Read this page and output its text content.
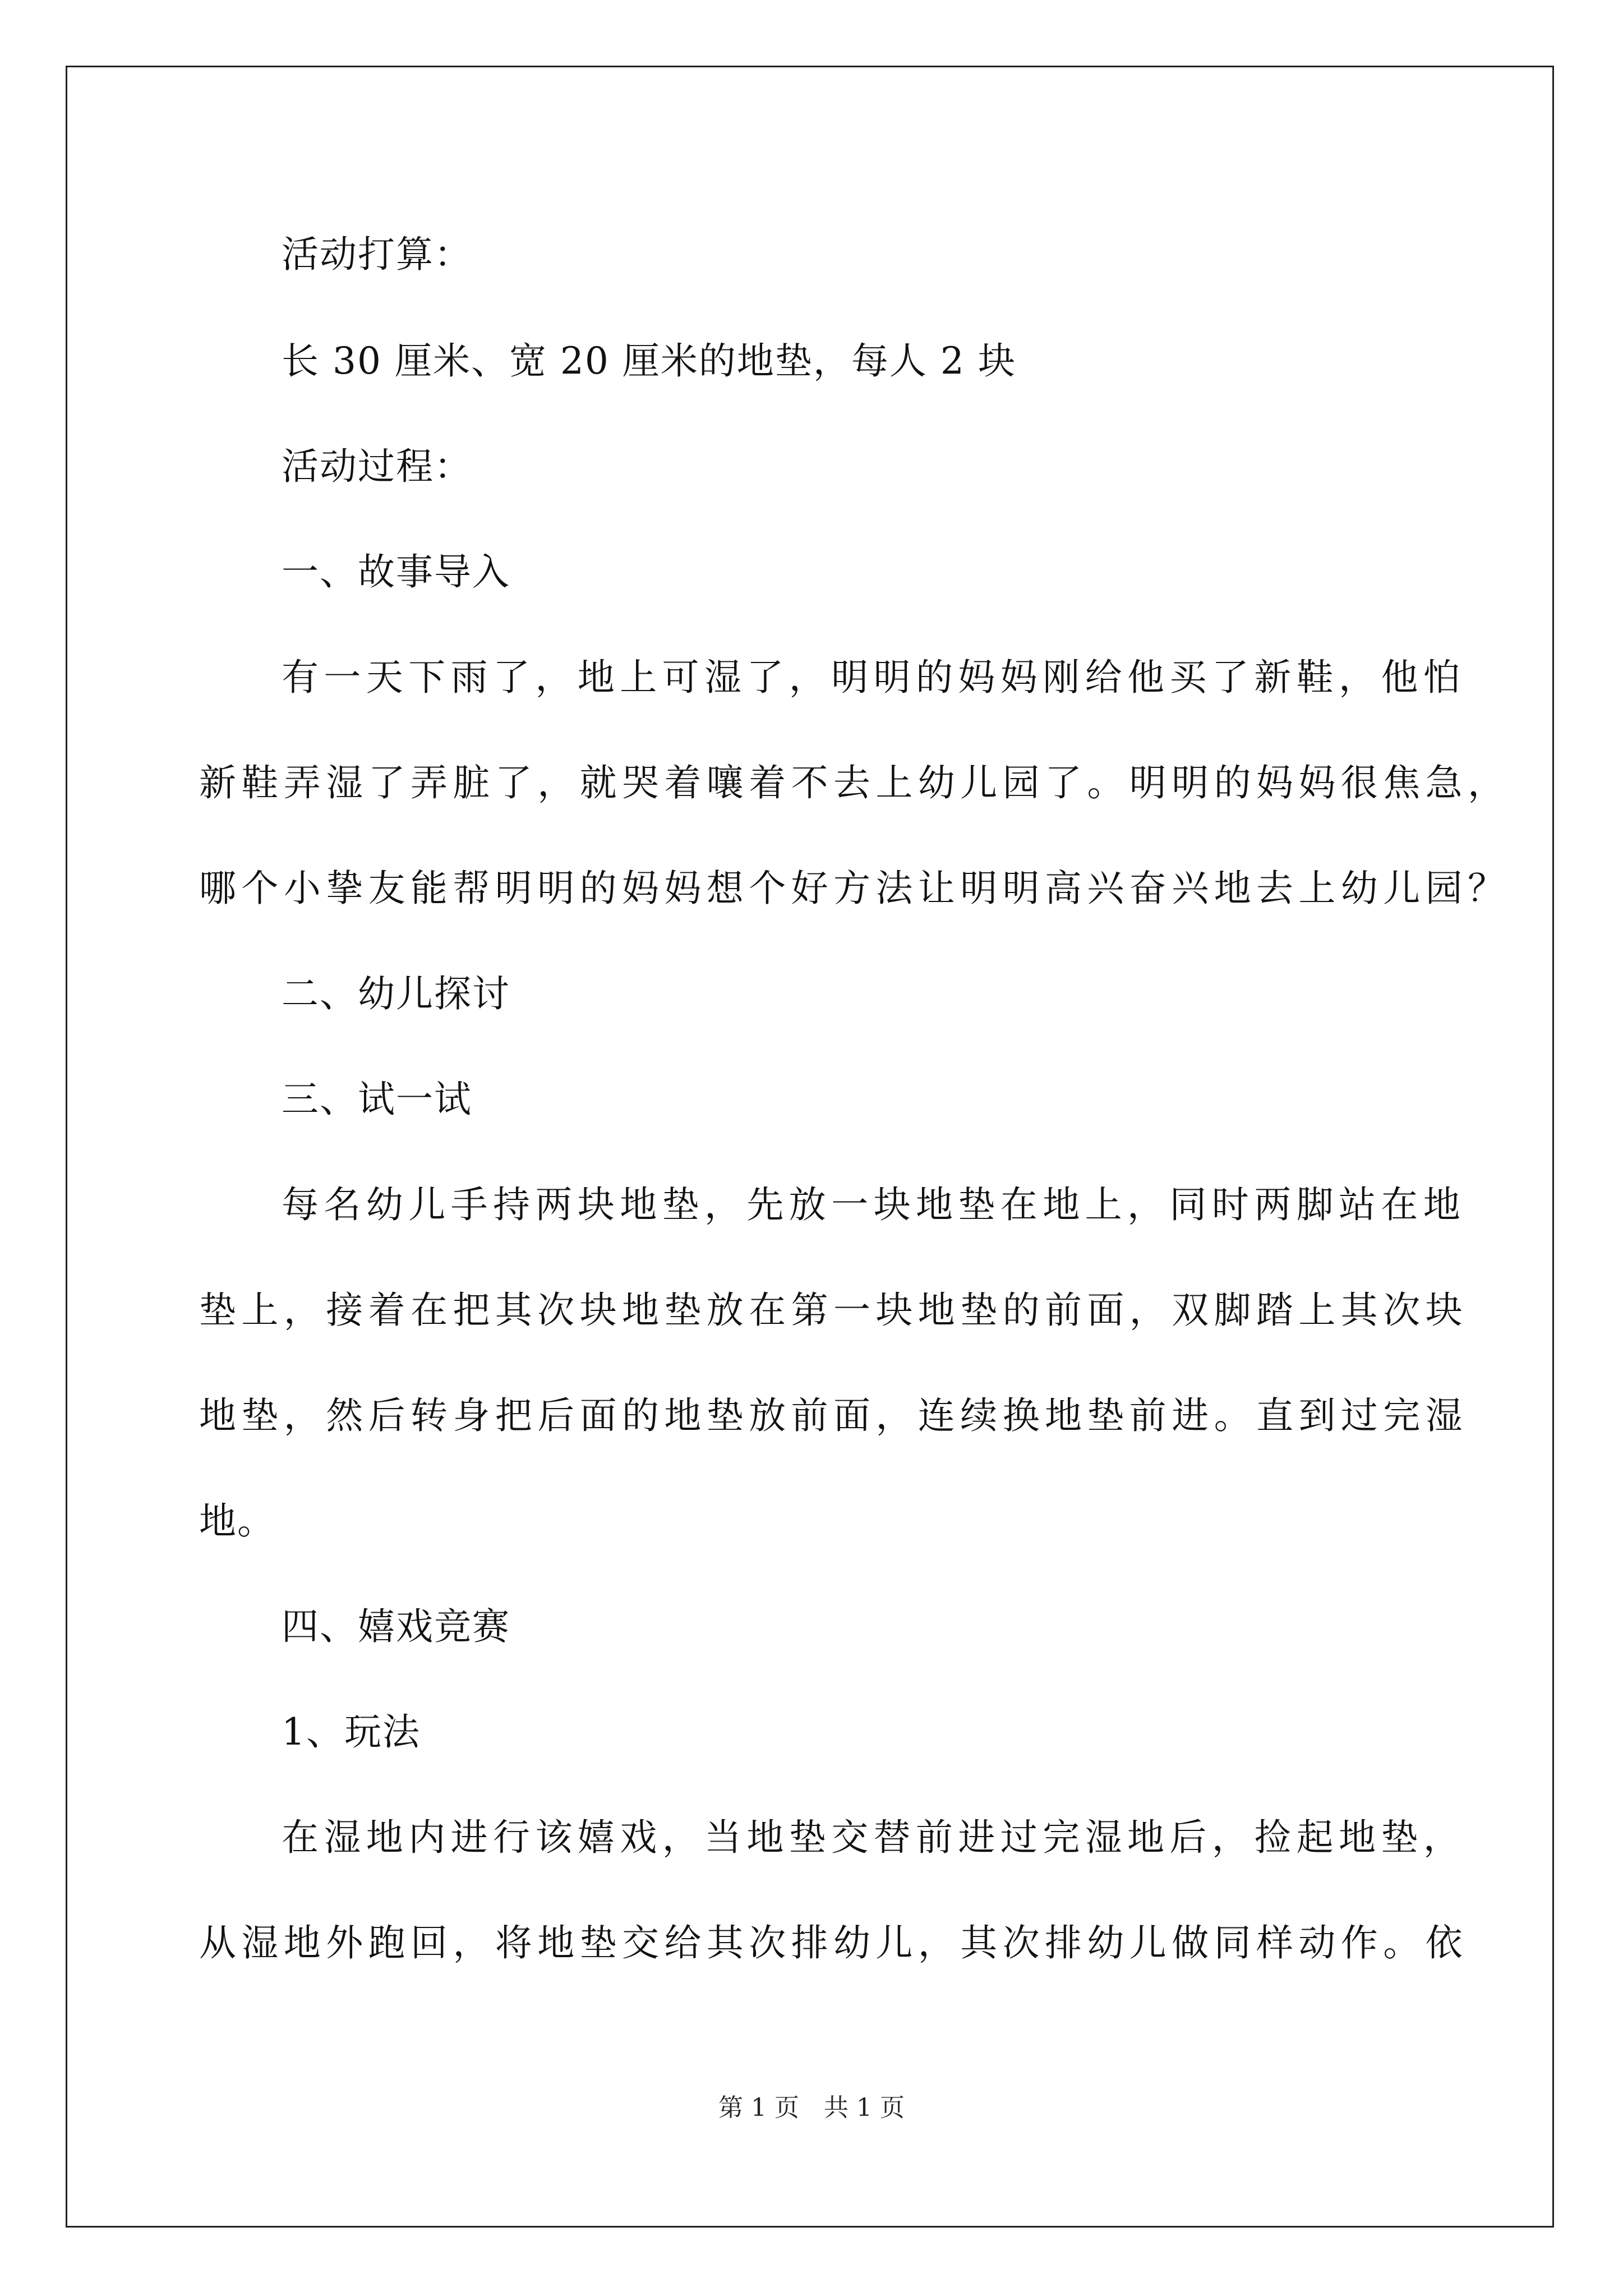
活动打算：
长 30 厘米、宽 20 厘米的地垫，每人 2 块
活动过程：
一、故事导入
有一天下雨了，地上可湿了，明明的妈妈刚给他买了新鞋，他怕
新鞋弄湿了弄脏了，就哭着嚷着不去上幼儿园了。明明的妈妈很焦急，
哪个小挚友能帮明明的妈妈想个好方法让明明高兴奋兴地去上幼儿园？
二、幼儿探讨
三、试一试
每名幼儿手持两块地垫，先放一块地垫在地上，同时两脚站在地
垫上，接着在把其次块地垫放在第一块地垫的前面，双脚踏上其次块
地垫，然后转身把后面的地垫放前面，连续换地垫前进。直到过完湿
地。
四、嬉戏竞赛
1、玩法
在湿地内进行该嬉戏，当地垫交替前进过完湿地后，捡起地垫，
从湿地外跑回，将地垫交给其次排幼儿，其次排幼儿做同样动作。依
第 1 页　共 1 页
